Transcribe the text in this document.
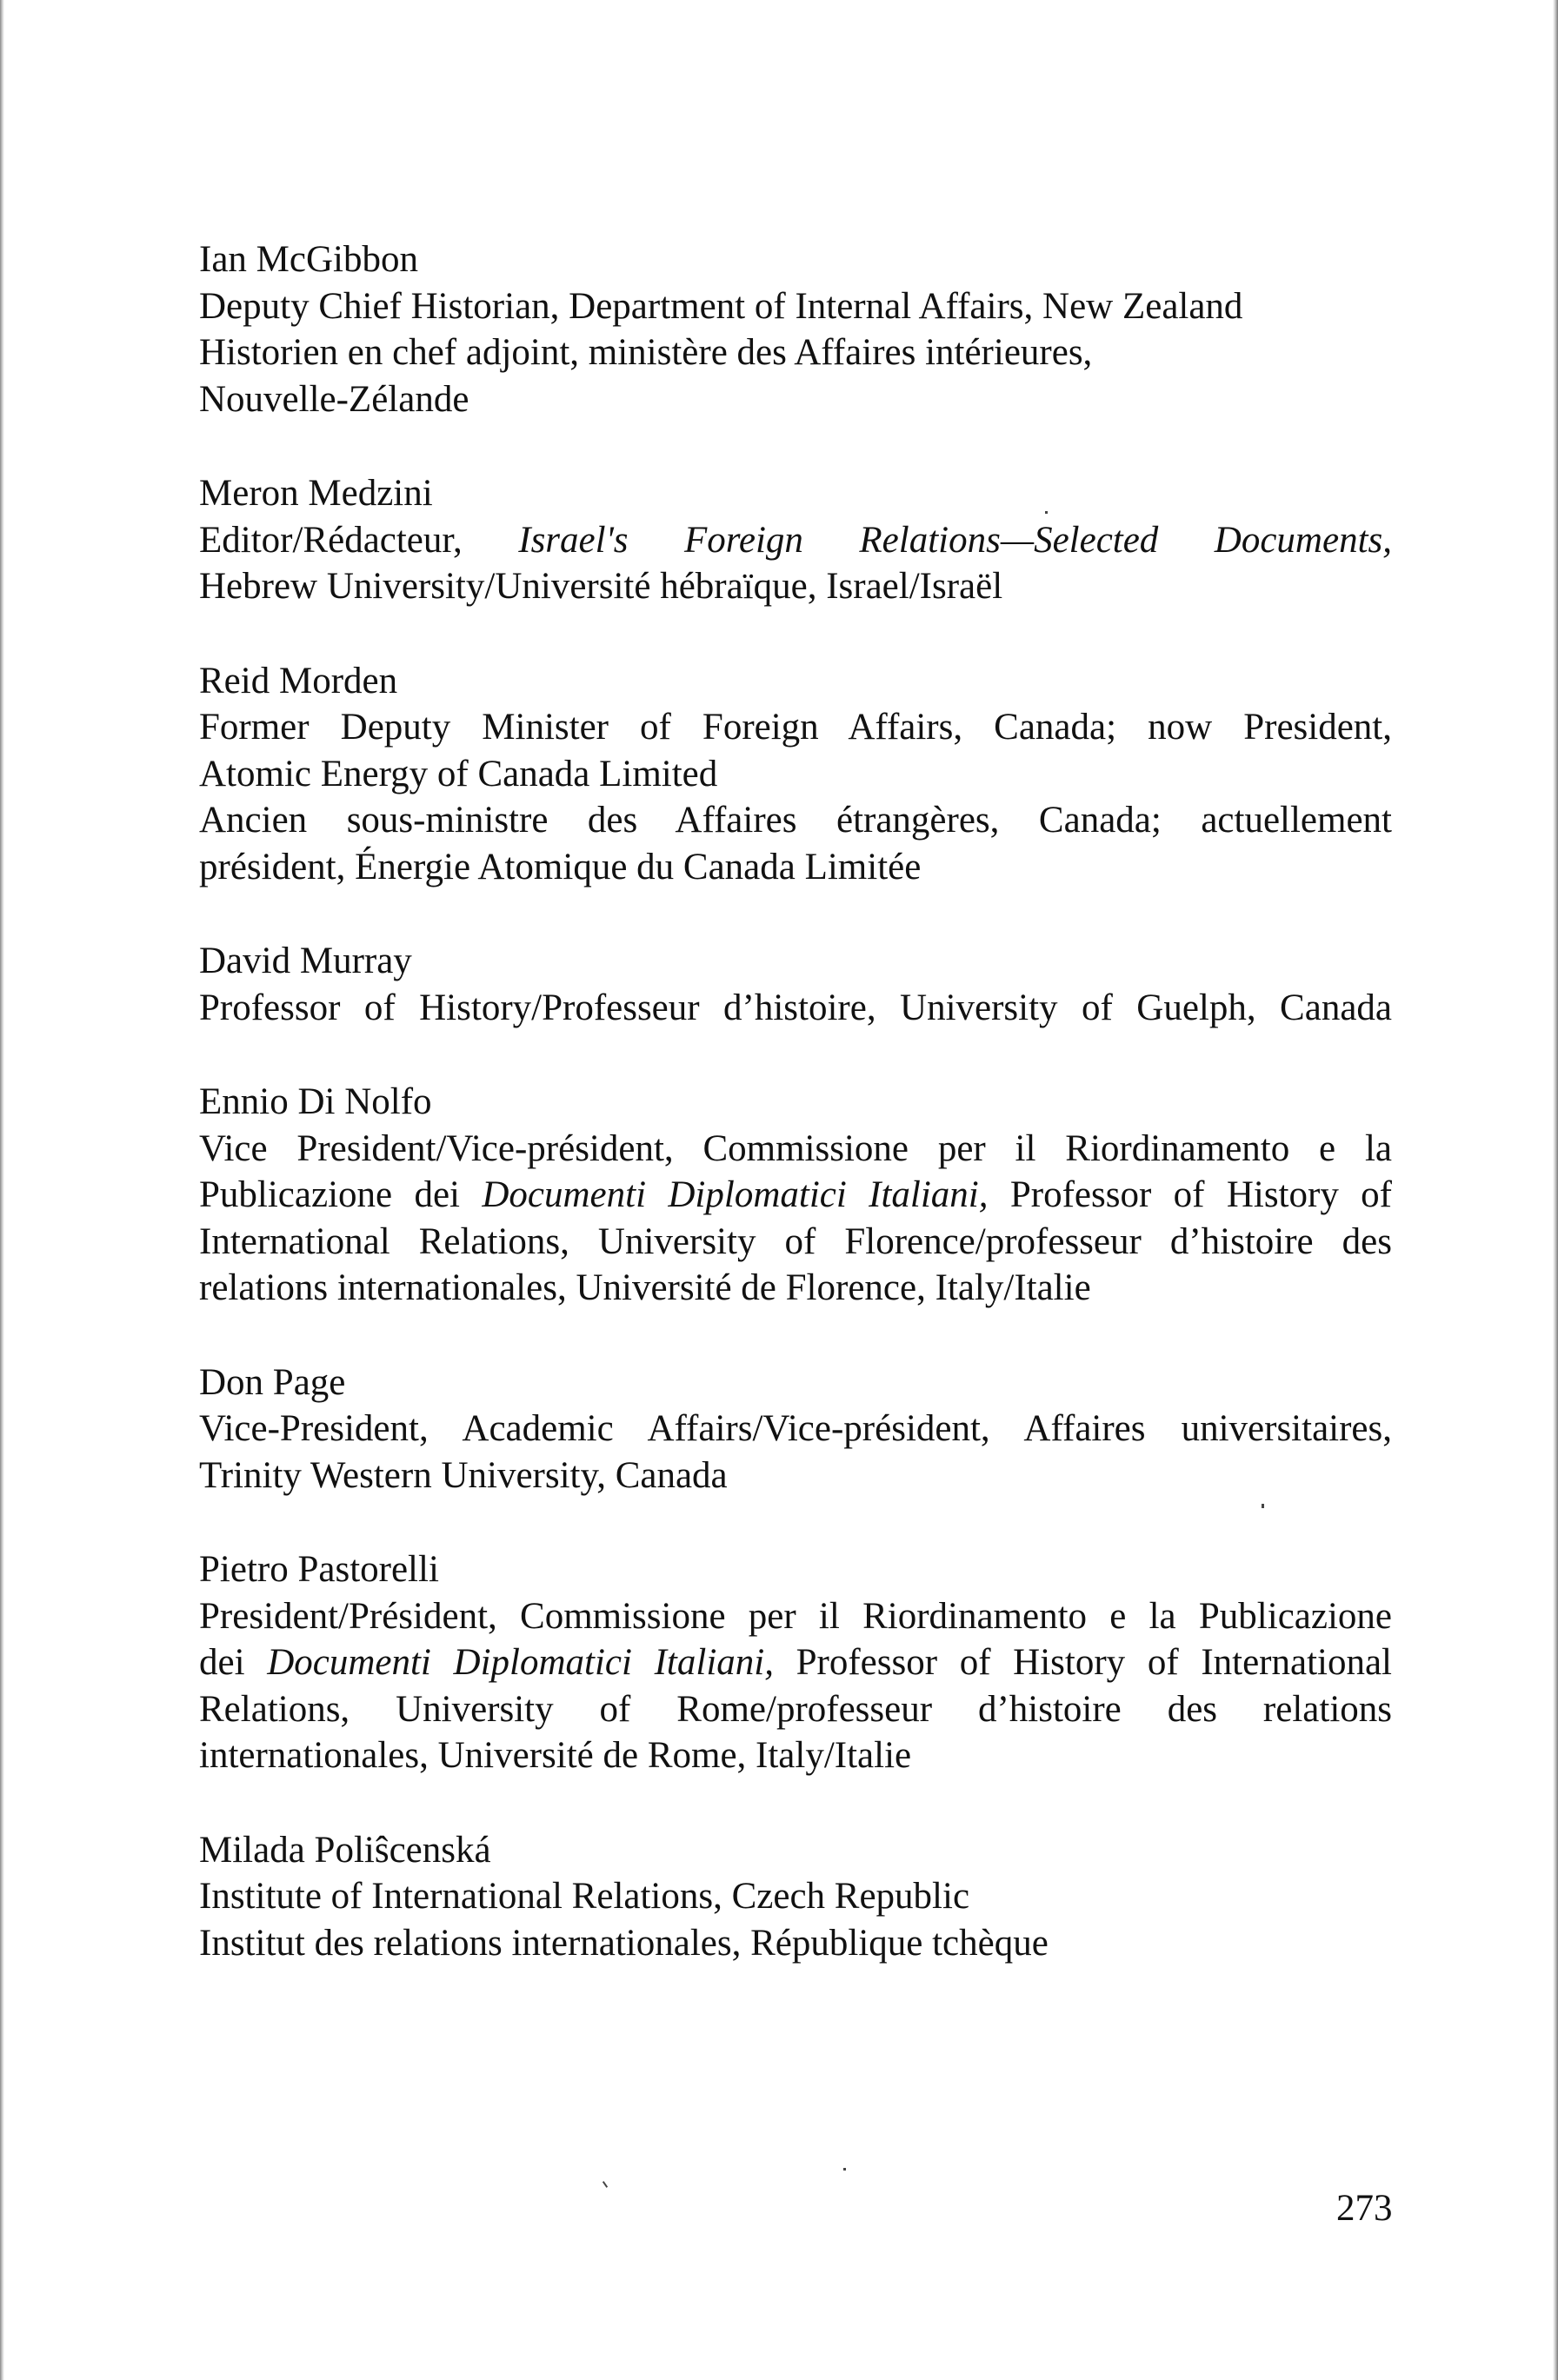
Ian McGibbon
Deputy Chief Historian, Department of Internal Affairs, New Zealand
Historien en chef adjoint, ministère des Affaires intérieures,
Nouvelle-Zélande
Meron Medzini
Editor/Rédacteur, Israel's Foreign Relations—Selected Documents,
Hebrew University/Université hébraïque, Israel/Israël
Reid Morden
Former Deputy Minister of Foreign Affairs, Canada; now President,
Atomic Energy of Canada Limited
Ancien sous-ministre des Affaires étrangères, Canada; actuellement
président, Énergie Atomique du Canada Limitée
David Murray
Professor of History/Professeur d’histoire, University of Guelph, Canada
Ennio Di Nolfo
Vice President/Vice-président, Commissione per il Riordinamento e la
Publicazione dei Documenti Diplomatici Italiani, Professor of History of
International Relations, University of Florence/professeur d’histoire des
relations internationales, Université de Florence, Italy/Italie
Don Page
Vice-President, Academic Affairs/Vice-président, Affaires universitaires,
Trinity Western University, Canada
Pietro Pastorelli
President/Président, Commissione per il Riordinamento e la Publicazione
dei Documenti Diplomatici Italiani, Professor of History of International
Relations, University of Rome/professeur d’histoire des relations
internationales, Université de Rome, Italy/Italie
Milada Poliŝcenská
Institute of International Relations, Czech Republic
Institut des relations internationales, République tchèque
273
